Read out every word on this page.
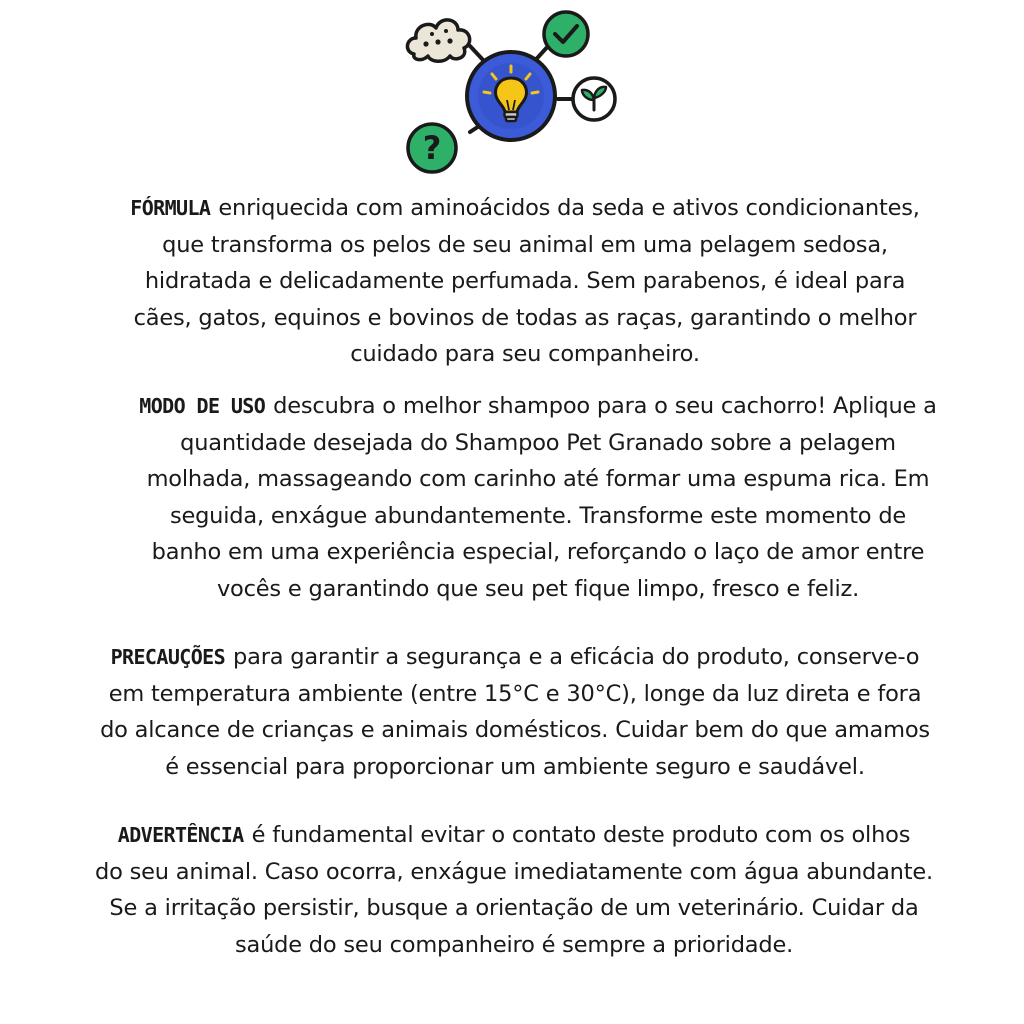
?
FÓRMULA enriquecida com aminoácidos da seda e ativos condicionantes,
que transforma os pelos de seu animal em uma pelagem sedosa,
hidratada e delicadamente perfumada. Sem parabenos, é ideal para
cães, gatos, equinos e bovinos de todas as raças, garantindo o melhor
cuidado para seu companheiro.
MODO DE USO descubra o melhor shampoo para o seu cachorro! Aplique a
quantidade desejada do Shampoo Pet Granado sobre a pelagem
molhada, massageando com carinho até formar uma espuma rica. Em
seguida, enxágue abundantemente. Transforme este momento de
banho em uma experiência especial, reforçando o laço de amor entre
vocês e garantindo que seu pet fique limpo, fresco e feliz.
PRECAUÇÕES para garantir a segurança e a eficácia do produto, conserve-o
em temperatura ambiente (entre 15°C e 30°C), longe da luz direta e fora
do alcance de crianças e animais domésticos. Cuidar bem do que amamos
é essencial para proporcionar um ambiente seguro e saudável.
ADVERTÊNCIA é fundamental evitar o contato deste produto com os olhos
do seu animal. Caso ocorra, enxágue imediatamente com água abundante.
Se a irritação persistir, busque a orientação de um veterinário. Cuidar da
saúde do seu companheiro é sempre a prioridade.
